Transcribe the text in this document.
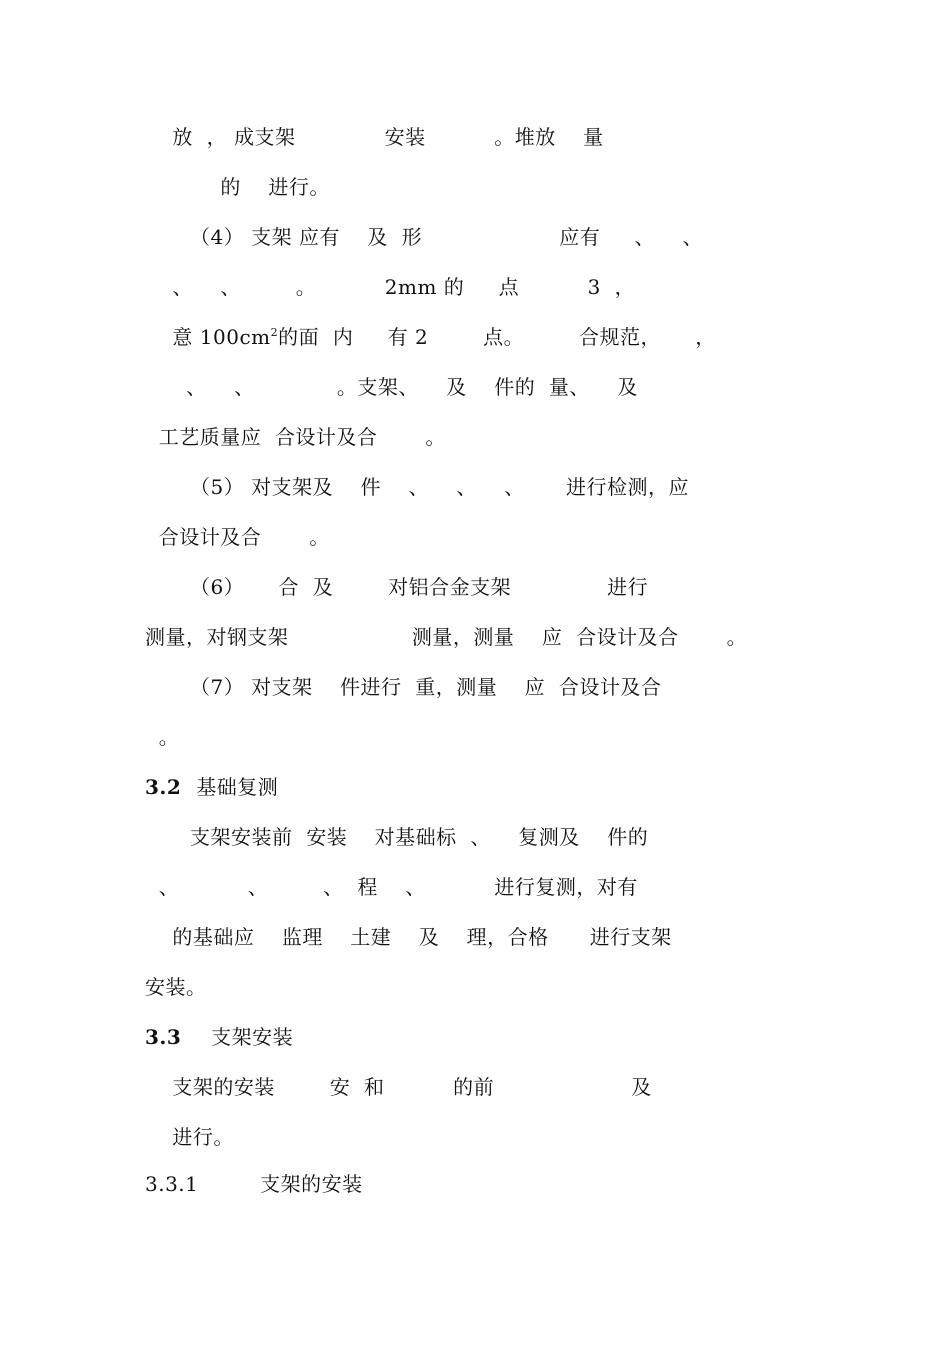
放  ， 成支架             安装          。堆放    量
的    进行。
（4） 支架 应有    及  形                    应有     、    、
、    、        。          2mm 的     点          3  ，
意 $100cm^2$的面  内     有 2        点。        合规范，     ，
、    、            。支架、    及    件的  量、    及
工艺质量应  合设计及合       。
（5） 对支架及    件    、    、    、      进行检测，应
合设计及合       。
（6）     合  及        对铝合金支架              进行
测量，对钢支架                  测量，测量    应  合设计及合       。
（7） 对支架    件进行  重，测量    应  合设计及合
。
3.2 基础复测
支架安装前  安装    对基础标  、    复测及    件的
、          、        、  程    、          进行复测，对有
的基础应    监理    土建    及    理，合格      进行支架
安装。
3.3 支架安装
支架的安装        安  和          的前                    及
进行。
3.3.1         支架的安装
